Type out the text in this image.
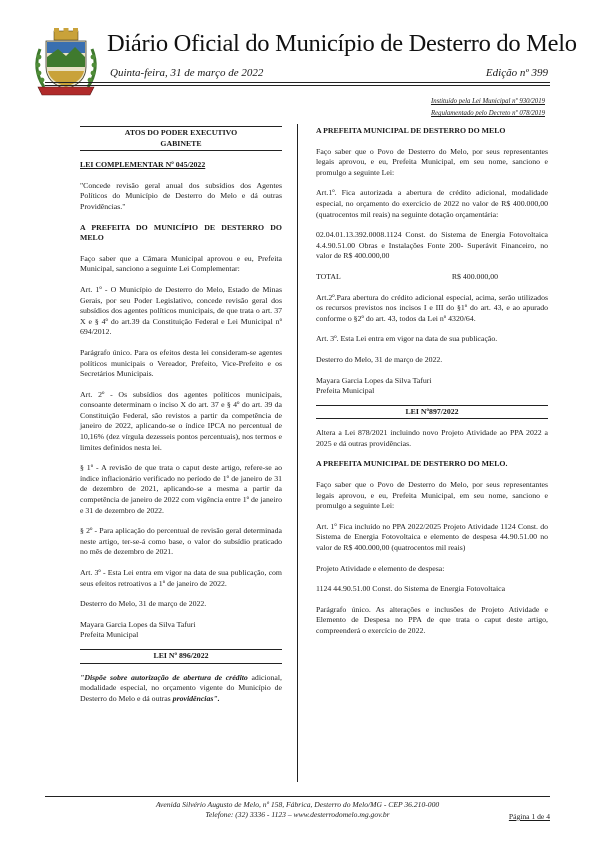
Diário Oficial do Município de Desterro do Melo
Quinta-feira, 31 de março de 2022	Edição nº 399
Instituído pela Lei Municipal nº 930/2019
Regulamentado pelo Decreto nº 078/2019
ATOS DO PODER EXECUTIVO
GABINETE

LEI COMPLEMENTAR Nº 045/2022

"Concede revisão geral anual dos subsídios dos Agentes Políticos do Município de Desterro do Melo e dá outras Providências."

A PREFEITA DO MUNICÍPIO DE DESTERRO DO MELO

Faço saber que a Câmara Municipal aprovou e eu, Prefeita Municipal, sanciono a seguinte Lei Complementar:

Art. 1º - O Município de Desterro do Melo, Estado de Minas Gerais, por seu Poder Legislativo, concede revisão geral dos subsídios dos agentes políticos municipais, de que trata o art. 37 X e § 4º do art.39 da Constituição Federal e Lei Municipal nº 694/2012.

Parágrafo único. Para os efeitos desta lei consideram-se agentes políticos municipais o Vereador, Prefeito, Vice-Prefeito e os Secretários Municipais.

Art. 2º - Os subsídios dos agentes políticos municipais, consoante determinam o inciso X do art. 37 e § 4º do art. 39 da Constituição Federal, são revistos a partir da competência de janeiro de 2022, aplicando-se o índice IPCA no percentual de 10,16% (dez vírgula dezesseis pontos percentuais), nos termos e limites definidos nesta lei.

§ 1º - A revisão de que trata o caput deste artigo, refere-se ao índice inflacionário verificado no período de 1º de janeiro de 31 de dezembro de 2021, aplicando-se a mesma a partir da competência de janeiro de 2022 com vigência entre 1º de janeiro e 31 de dezembro de 2022.

§ 2º - Para aplicação do percentual de revisão geral determinada neste artigo, ter-se-á como base, o valor do subsídio praticado no mês de dezembro de 2021.

Art. 3º - Esta Lei entra em vigor na data de sua publicação, com seus efeitos retroativos a 1º de janeiro de 2022.

Desterro do Melo, 31 de março de 2022.

Mayara Garcia Lopes da Silva Tafuri

Prefeita Municipal

LEI Nº 896/2022

"Dispõe sobre autorização de abertura de crédito adicional, modalidade especial, no orçamento vigente do Município de Desterro do Melo e dá outras providências".

A PREFEITA MUNICIPAL DE DESTERRO DO MELO

Faço saber que o Povo de Desterro do Melo, por seus representantes legais aprovou, e eu, Prefeita Municipal, em seu nome, sanciono e promulgo a seguinte Lei:

Art.1º. Fica autorizada a abertura de crédito adicional, modalidade especial, no orçamento do exercício de 2022 no valor de R$ 400.000,00 (quatrocentos mil reais) na seguinte dotação orçamentária:

02.04.01.13.392.0008.1124 Const. do Sistema de Energia Fotovoltaica 4.4.90.51.00 Obras e Instalações Fonte 200- Superávit Financeiro, no valor de R$ 400.000,00

TOTAL	R$ 400.000,00

Art.2º.Para abertura do crédito adicional especial, acima, serão utilizados os recursos previstos nos incisos I e III do §1º do art. 43, e ao apurado conforme o §2º do art. 43, todos da Lei nº 4320/64.

Art. 3º. Esta Lei entra em vigor na data de sua publicação.

Desterro do Melo, 31 de março de 2022.

Mayara Garcia Lopes da Silva Tafuri

Prefeita Municipal

LEI Nº897/2022

Altera a Lei 878/2021 incluindo novo Projeto Atividade ao PPA 2022 a 2025 e dá outras providências.

A PREFEITA MUNICIPAL DE DESTERRO DO MELO.

Faço saber que o Povo de Desterro do Melo, por seus representantes legais aprovou, e eu, Prefeita Municipal, em seu nome, sanciono e promulgo a seguinte Lei:

Art. 1º Fica incluído no PPA 2022/2025 Projeto Atividade 1124 Const. do Sistema de Energia Fotovoltaica e elemento de despesa 44.90.51.00 no valor de R$ 400.000,00 (quatrocentos mil reais)

Projeto Atividade e elemento de despesa:

1124 44.90.51.00 Const. do Sistema de Energia Fotovoltaica

Parágrafo único. As alterações e inclusões de Projeto Atividade e Elemento de Despesa no PPA de que trata o caput deste artigo, compreenderá o exercício de 2022.

Avenida Silvério Augusto de Melo, nº 158, Fábrica, Desterro do Melo/MG - CEP 36.210-000
Telefone: (32) 3336 - 1123 – www.desterrodomelo.mg.gov.br	Página 1 de 4
